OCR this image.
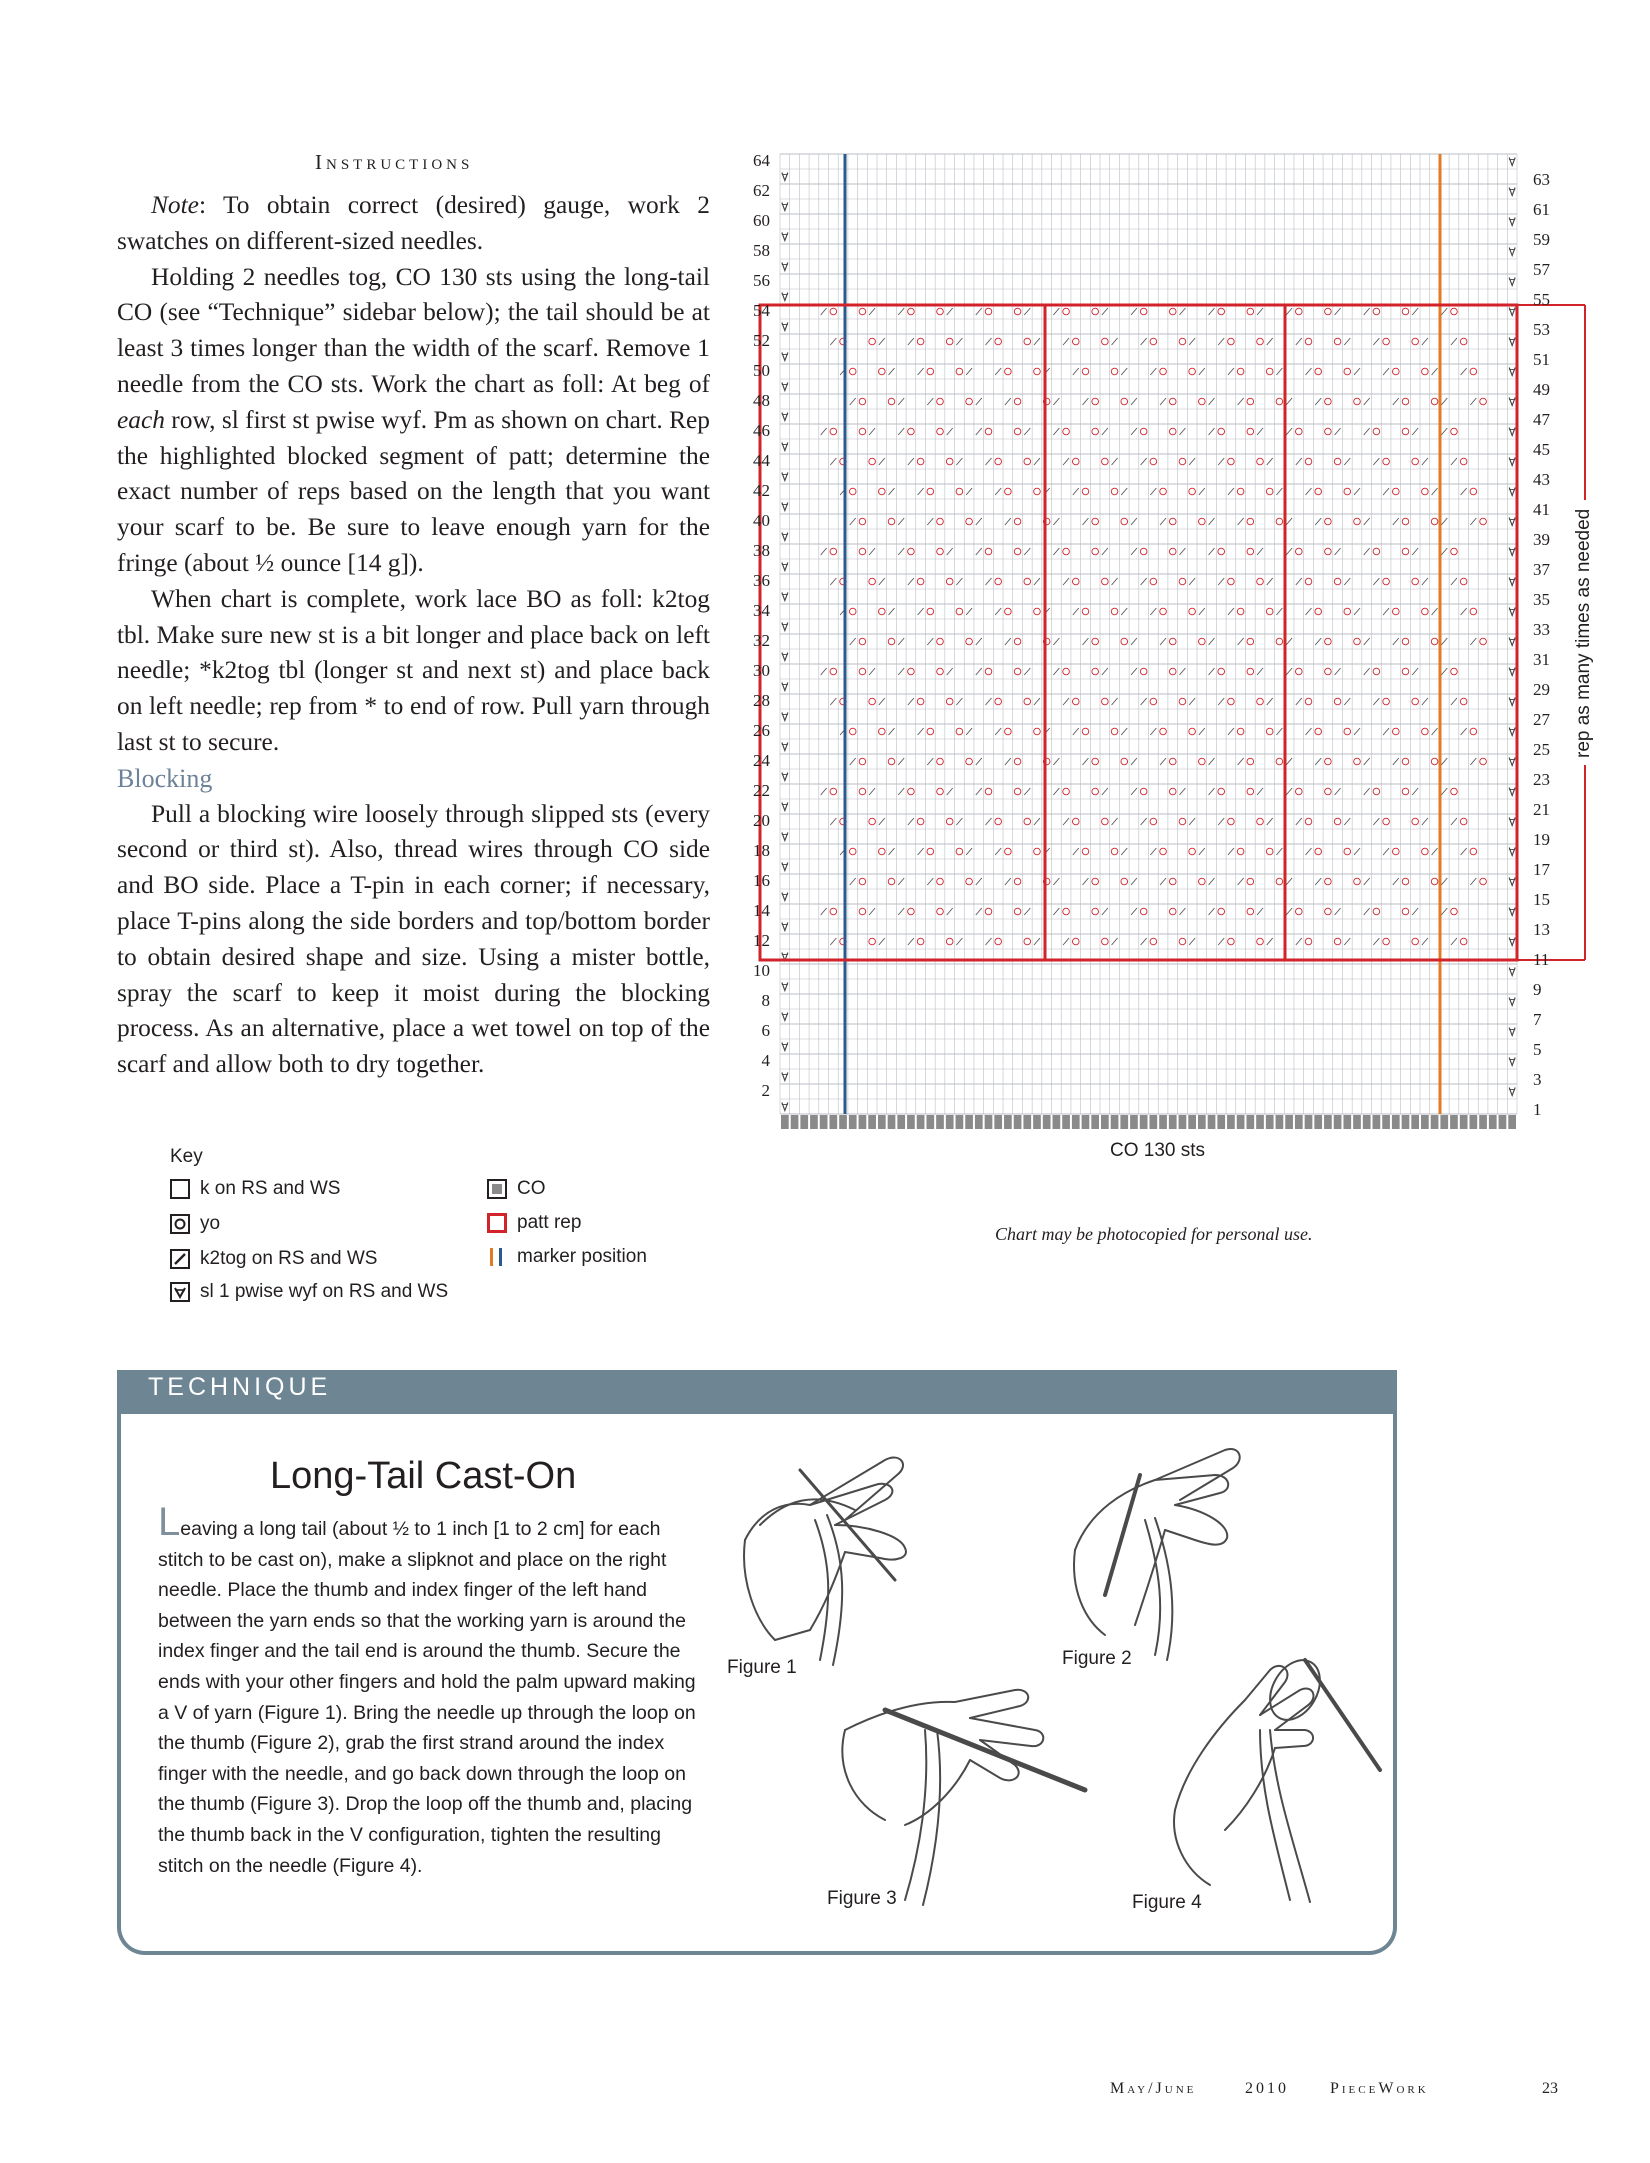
Instructions

Note: To obtain correct (desired) gauge, work 2 swatches on different-sized needles.

Holding 2 needles tog, CO 130 sts using the long-tail CO (see “Technique” sidebar below); the tail should be at least 3 times longer than the width of the scarf. Remove 1 needle from the CO sts. Work the chart as foll: At beg of each row, sl first st pwise wyf. Pm as shown on chart. Rep the highlighted blocked segment of patt; determine the exact number of reps based on the length that you want your scarf to be. Be sure to leave enough yarn for the fringe (about ½ ounce [14 g]).

When chart is complete, work lace BO as foll: k2tog tbl. Make sure new st is a bit longer and place back on left needle; *k2tog tbl (longer st and next st) and place back on left needle; rep from * to end of row. Pull yarn through last st to secure.

Blocking

Pull a blocking wire loosely through slipped sts (every second or third st). Also, thread wires through CO side and BO side. Place a T-pin in each corner; if necessary, place T-pins along the side borders and top/bottom border to obtain desired shape and size. Using a mister bottle, spray the scarf to keep it moist during the blocking process. As an alternative, place a wet towel on top of the scarf and allow both to dry together.

rep as many times as needed
64
62
60
58
56
54
52
50
48
46
44
42
40
38
36
34
32
30
28
26
24
22
20
18
16
14
12
10
8
6
4
2
63
61
59
57
55
53
51
49
47
45
43
41
39
37
35
33
31
29
27
25
23
21
19
17
15
13
11
9
7
5
3
1
CO 130 sts
Chart may be photocopied for personal use.
Key
k on RS and WS
yo
k2tog on RS and WS
sl 1 pwise wyf on RS and WS
CO
patt rep
marker position
TECHNIQUE
Long-Tail Cast-On
Leaving a long tail (about ½ to 1 inch [1 to 2 cm] for each stitch to be cast on), make a slipknot and place on the right needle. Place the thumb and index finger of the left hand between the yarn ends so that the working yarn is around the index finger and the tail end is around the thumb. Secure the ends with your other fingers and hold the palm upward making a V of yarn (Figure 1). Bring the needle up through the loop on the thumb (Figure 2), grab the first strand around the index finger with the needle, and go back down through the loop on the thumb (Figure 3). Drop the loop off the thumb and, placing the thumb back in the V configuration, tighten the resulting stitch on the needle (Figure 4).
Figure 1	Figure 2
Figure 3	Figure 4
May/June	2010	PieceWork	23
